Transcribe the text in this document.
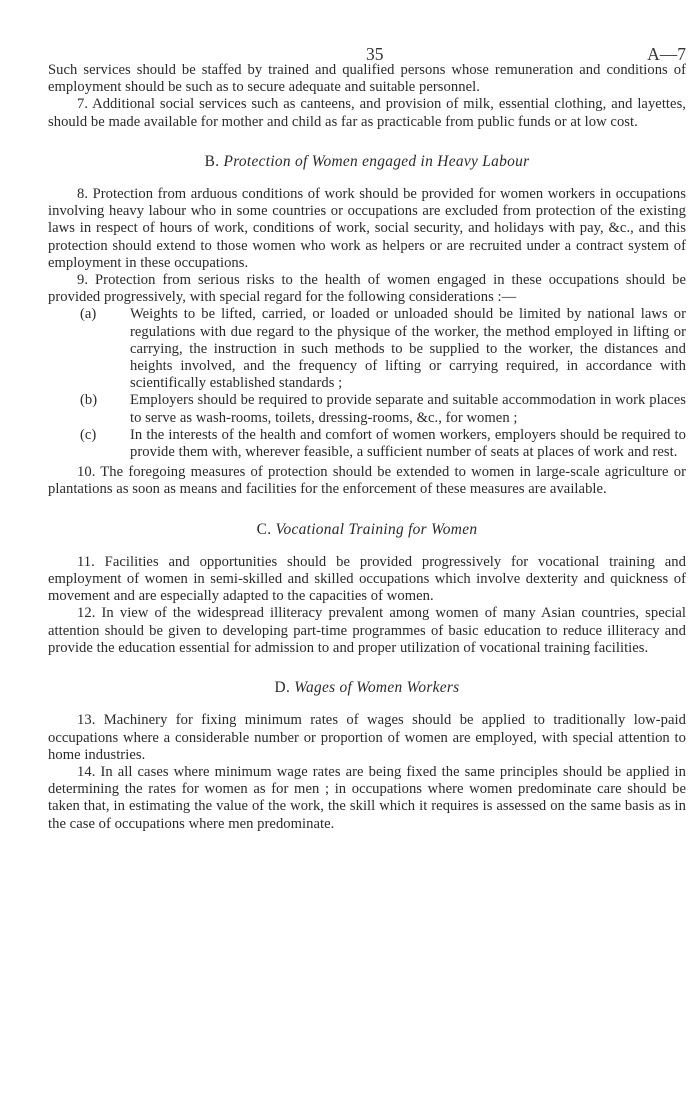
35	A—7

Such services should be staffed by trained and qualified persons whose remuneration and conditions of employment should be such as to secure adequate and suitable personnel.

7. Additional social services such as canteens, and provision of milk, essential clothing, and layettes, should be made available for mother and child as far as practicable from public funds or at low cost.

B. Protection of Women engaged in Heavy Labour

8. Protection from arduous conditions of work should be provided for women workers in occupations involving heavy labour who in some countries or occupations are excluded from protection of the existing laws in respect of hours of work, conditions of work, social security, and holidays with pay, &c., and this protection should extend to those women who work as helpers or are recruited under a contract system of employment in these occupations.

9. Protection from serious risks to the health of women engaged in these occupations should be provided progressively, with special regard for the following considerations :—

(a)	Weights to be lifted, carried, or loaded or unloaded should be limited by national laws or regulations with due regard to the physique of the worker, the method employed in lifting or carrying, the instruction in such methods to be supplied to the worker, the distances and heights involved, and the frequency of lifting or carrying required, in accordance with scientifically established standards ;
(b)	Employers should be required to provide separate and suitable accommodation in work places to serve as wash-rooms, toilets, dressing-rooms, &c., for women ;
(c)	In the interests of the health and comfort of women workers, employers should be required to provide them with, wherever feasible, a sufficient number of seats at places of work and rest.

10. The foregoing measures of protection should be extended to women in large-scale agriculture or plantations as soon as means and facilities for the enforcement of these measures are available.

C. Vocational Training for Women

11. Facilities and opportunities should be provided progressively for vocational training and employment of women in semi-skilled and skilled occupations which involve dexterity and quickness of movement and are especially adapted to the capacities of women.

12. In view of the widespread illiteracy prevalent among women of many Asian countries, special attention should be given to developing part-time programmes of basic education to reduce illiteracy and provide the education essential for admission to and proper utilization of vocational training facilities.

D. Wages of Women Workers

13. Machinery for fixing minimum rates of wages should be applied to traditionally low-paid occupations where a considerable number or proportion of women are employed, with special attention to home industries.

14. In all cases where minimum wage rates are being fixed the same principles should be applied in determining the rates for women as for men ; in occupations where women predominate care should be taken that, in estimating the value of the work, the skill which it requires is assessed on the same basis as in the case of occupations where men predominate.
